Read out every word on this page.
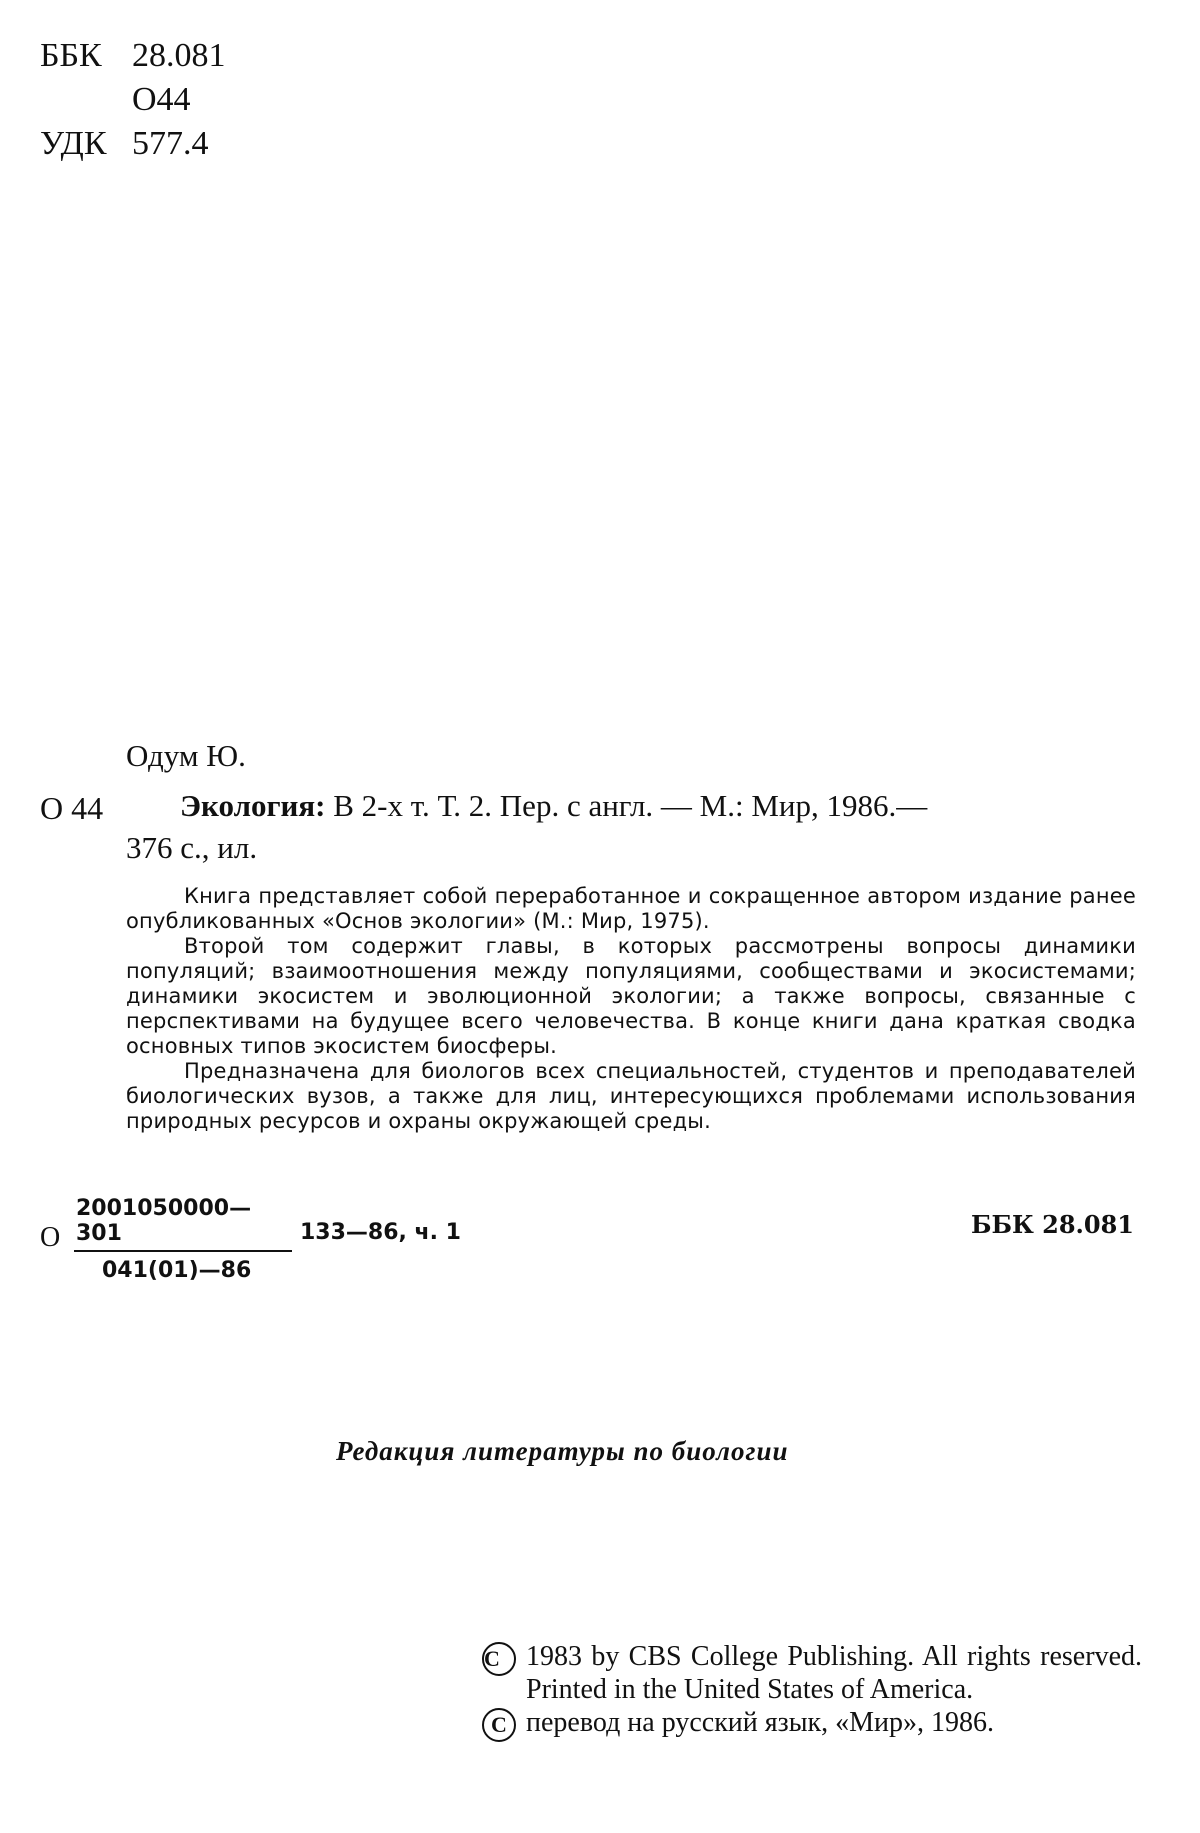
ББК 28.081
О44
УДК 577.4
Одум Ю.
О 44 Экология: В 2-х т. Т. 2. Пер. с англ. — М.: Мир, 1986.—
376 с., ил.

Книга представляет собой переработанное и сокращенное автором издание ранее опубликованных «Основ экологии» (М.: Мир, 1975).

Второй том содержит главы, в которых рассмотрены вопросы динамики популяций; взаимоотношения между популяциями, сообществами и экосистемами; динамики экосистем и эволюционной экологии; а также вопросы, связанные с перспективами на будущее всего человечества. В конце книги дана краткая сводка основных типов экосистем биосферы.

Предназначена для биологов всех специальностей, студентов и преподавателей биологических вузов, а также для лиц, интересующихся проблемами использования природных ресурсов и охраны окружающей среды.

О $\frac{2001050000—301}{041(01)—86}$ 133—86, ч. 1	ББК 28.081
Редакция литературы по биологии
C 1983 by CBS College Publishing. All rights reserved. Printed in the United States of America.
C перевод на русский язык, «Мир», 1986.
